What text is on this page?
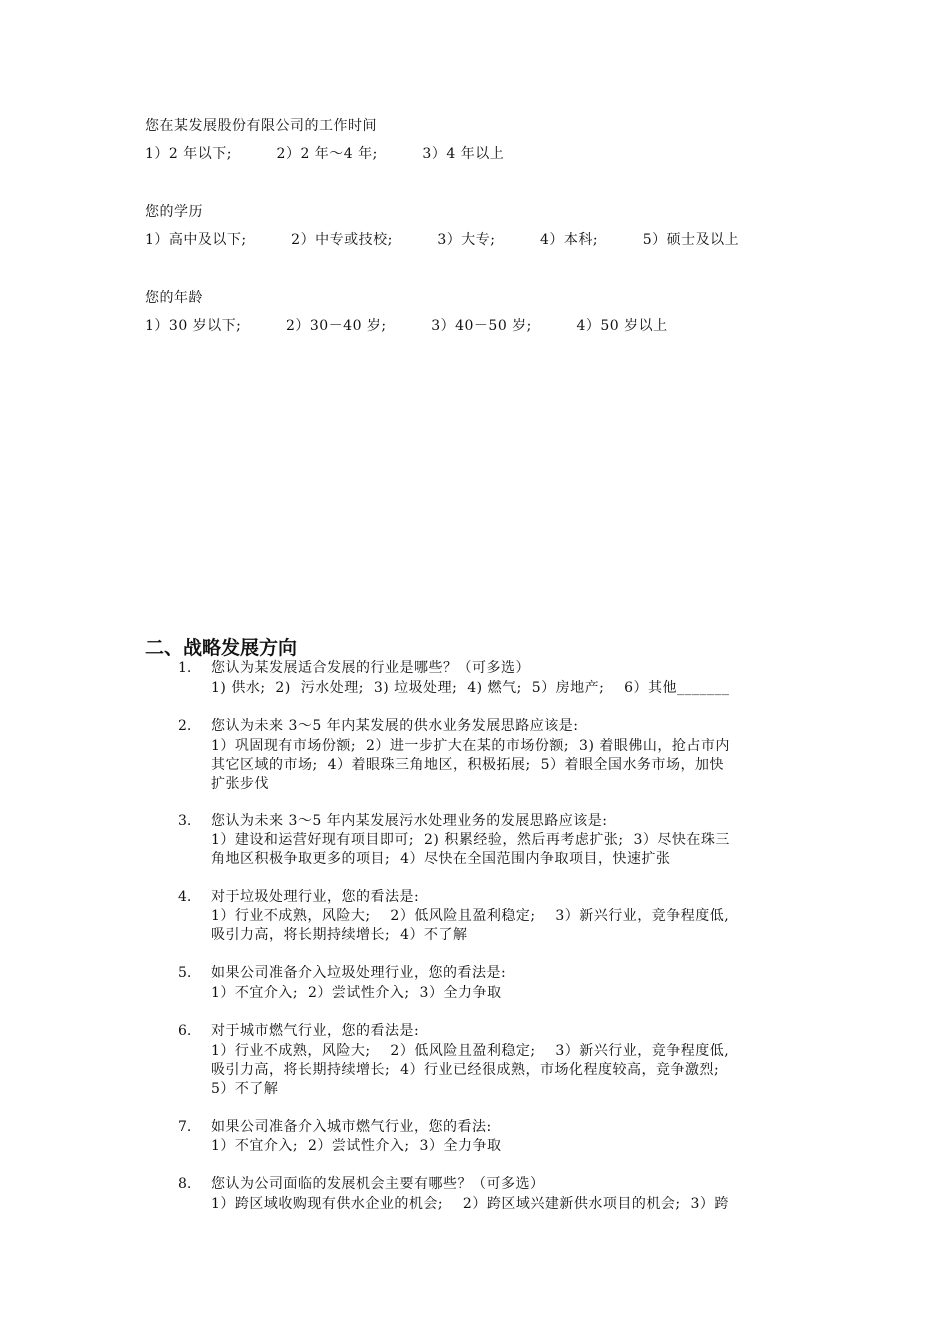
您在某发展股份有限公司的工作时间
1）2 年以下;         2）2 年～4 年;         3）4 年以上
您的学历
1）高中及以下;         2）中专或技校;         3）大专;         4）本科;         5）硕士及以上
您的年龄
1）30 岁以下;         2）30－40 岁;         3）40－50 岁;         4）50 岁以上
二、战略发展方向
1. 您认为某发展适合发展的行业是哪些？（可多选）
1) 供水;  2)  污水处理;  3) 垃圾处理;  4) 燃气;  5）房地产;    6）其他_______
2. 您认为未来 3～5 年内某发展的供水业务发展思路应该是:
1）巩固现有市场份额;  2）进一步扩大在某的市场份额;  3) 着眼佛山，抢占市内
其它区域的市场;  4）着眼珠三角地区，积极拓展;  5）着眼全国水务市场，加快
扩张步伐
3. 您认为未来 3～5 年内某发展污水处理业务的发展思路应该是:
1）建设和运营好现有项目即可;  2) 积累经验，然后再考虑扩张;  3）尽快在珠三
角地区积极争取更多的项目;  4）尽快在全国范围内争取项目，快速扩张
4. 对于垃圾处理行业，您的看法是:
1）行业不成熟，风险大;    2）低风险且盈利稳定;    3）新兴行业，竞争程度低,
吸引力高，将长期持续增长;  4）不了解
5. 如果公司准备介入垃圾处理行业，您的看法是:
1）不宜介入;  2）尝试性介入;  3）全力争取
6. 对于城市燃气行业，您的看法是:
1）行业不成熟，风险大;    2）低风险且盈利稳定;    3）新兴行业，竞争程度低,
吸引力高，将长期持续增长;  4）行业已经很成熟，市场化程度较高，竞争激烈;
5）不了解
7. 如果公司准备介入城市燃气行业，您的看法:
1）不宜介入;  2）尝试性介入;  3）全力争取
8. 您认为公司面临的发展机会主要有哪些？（可多选）
1）跨区域收购现有供水企业的机会;    2）跨区域兴建新供水项目的机会;  3）跨
